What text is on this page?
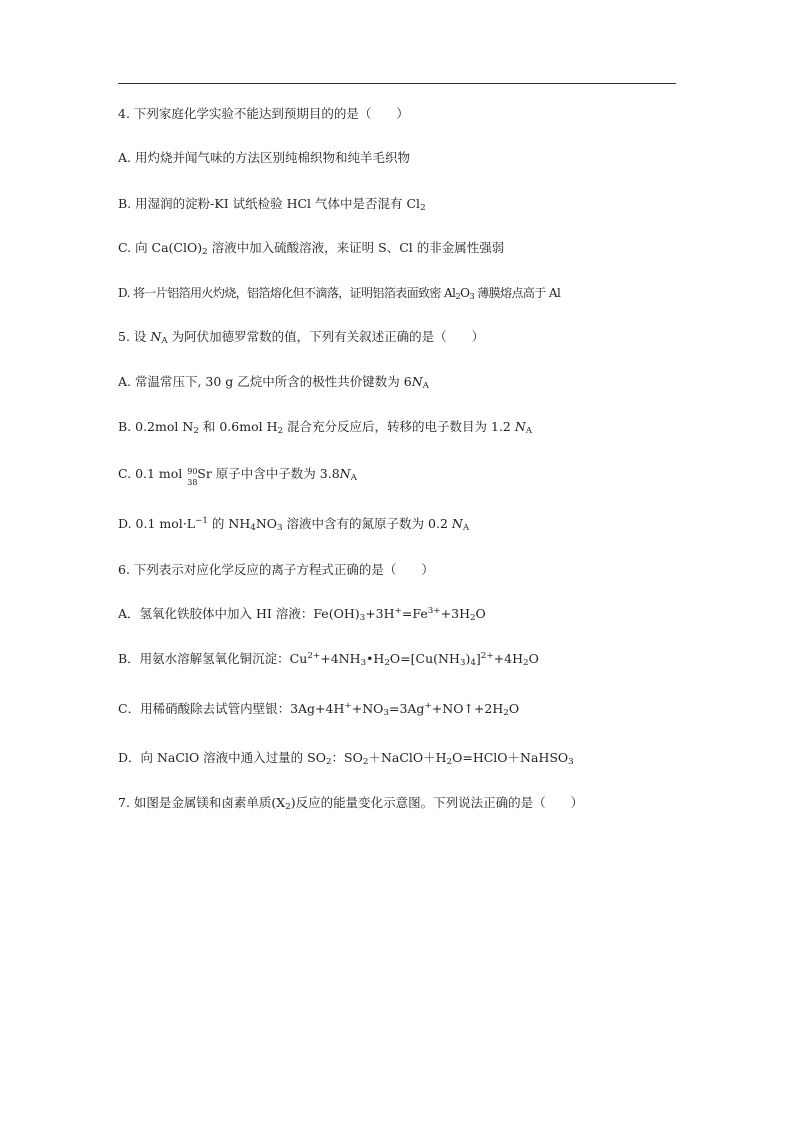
4. 下列家庭化学实验不能达到预期目的的是（　　）
A. 用灼烧并闻气味的方法区别纯棉织物和纯羊毛织物
B. 用湿润的淀粉-KI 试纸检验 HCl 气体中是否混有 $Cl_2$
C. 向 $Ca(ClO)_2$ 溶液中加入硫酸溶液，来证明 S、Cl 的非金属性强弱
D. 将一片铝箔用火灼烧，铝箔熔化但不滴落，证明铝箔表面致密 $Al_2O_3$ 薄膜熔点高于 Al
5. 设 $N_A$ 为阿伏加德罗常数的值，下列有关叙述正确的是（　　）
A. 常温常压下, 30 g 乙烷中所含的极性共价键数为 $6N_A$
B. 0.2mol $N_2$ 和 0.6mol $H_2$ 混合充分反应后，转移的电子数目为 1.2 $N_A$
C. 0.1 mol 90
38
Sr 原子中含中子数为 $3.8N_A$
D. 0.1 $mol\cdot L^{-1}$ 的 $NH_4NO_3$ 溶液中含有的氮原子数为 0.2 $N_A$
6. 下列表示对应化学反应的离子方程式正确的是（　　）
A．氢氧化铁胶体中加入 HI 溶液：$Fe(OH)_3+3H^+=Fe^{3+}+3H_2O$
B．用氨水溶解氢氧化铜沉淀：$Cu^{2+}+4NH_3•H_2O=[Cu(NH_3)_4]^{2+}+4H_2O$
C．用稀硝酸除去试管内壁银：$3Ag+4H^++NO_3=3Ag^++NO↑+2H_2O$
D．向 NaClO 溶液中通入过量的 $SO_2$：$SO_2+NaClO+H_2O=HClO+NaHSO_3$
7. 如图是金属镁和卤素单质$(X_2)$反应的能量变化示意图。下列说法正确的是（　　）
